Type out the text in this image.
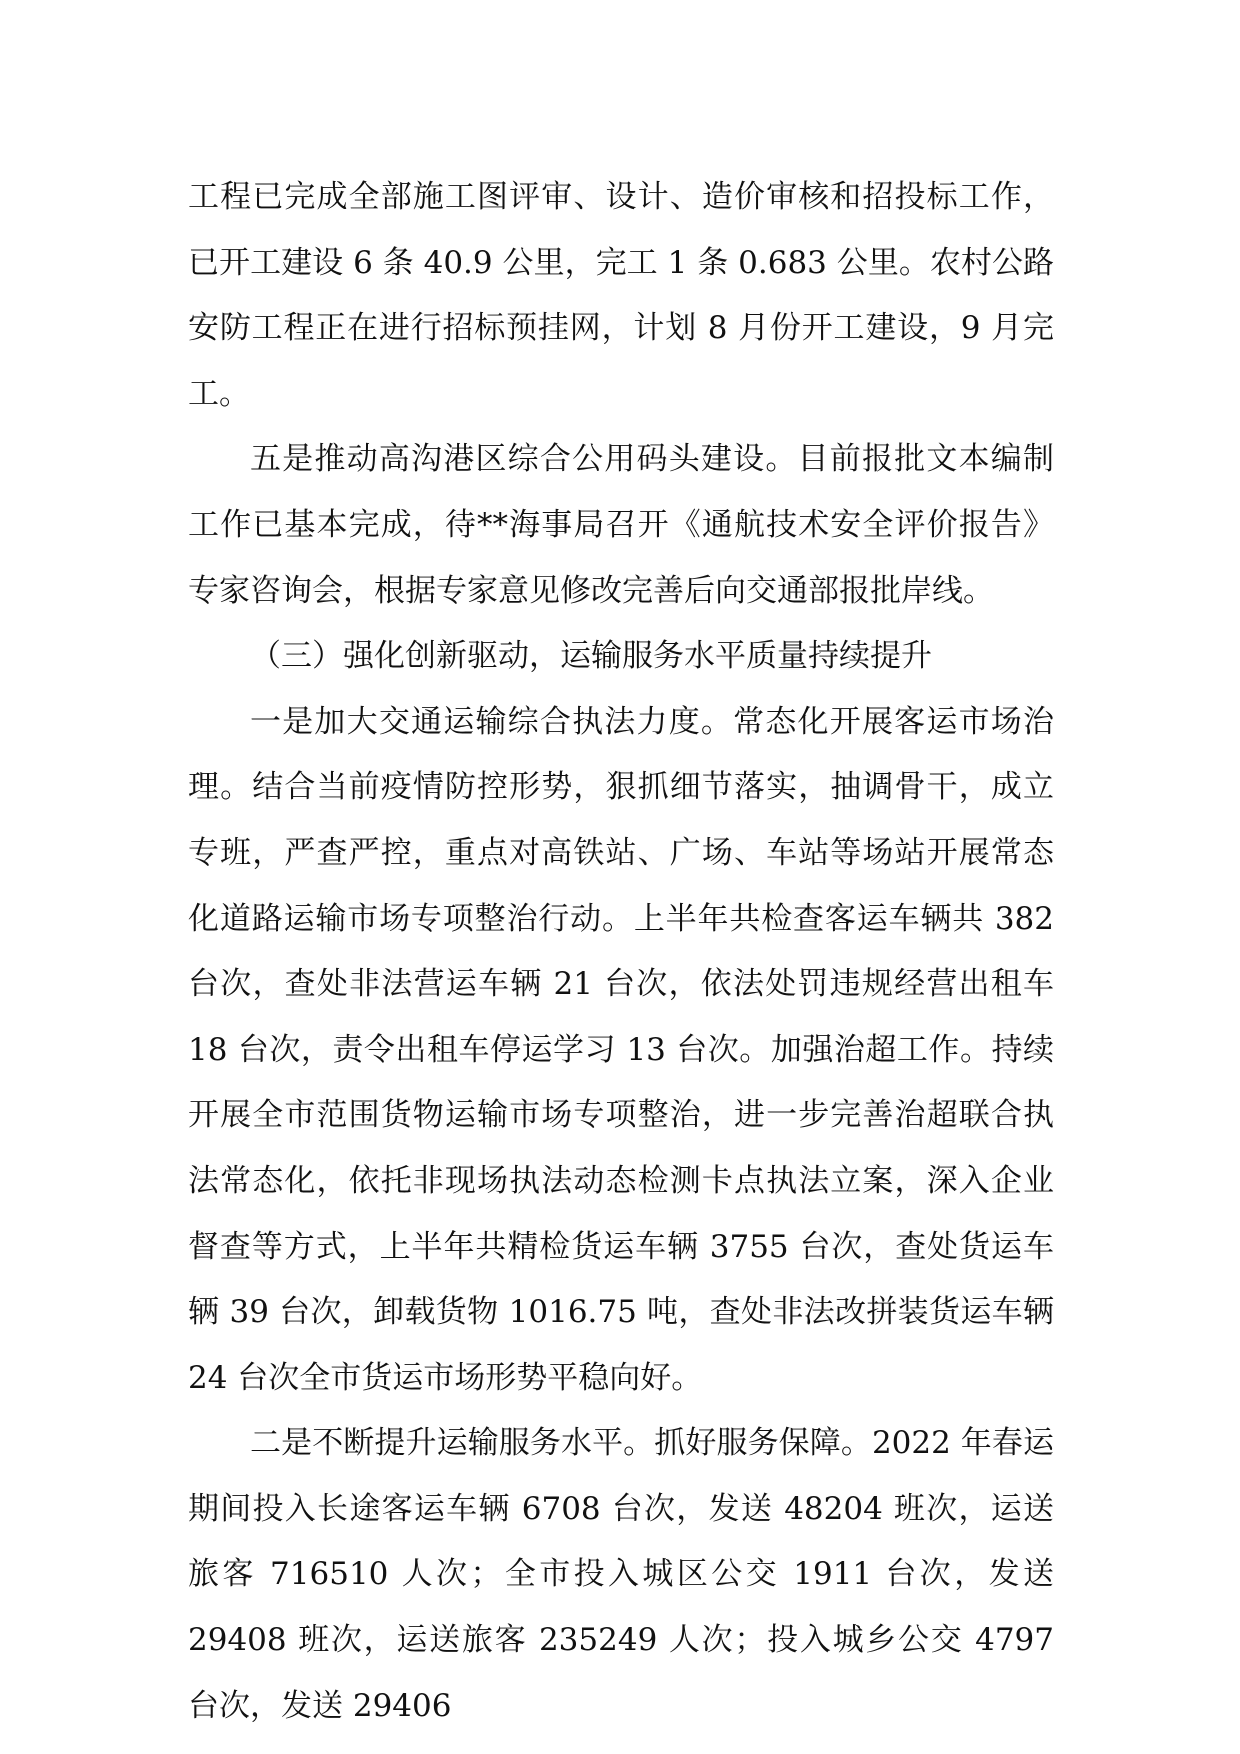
工程已完成全部施工图评审、设计、造价审核和招投标工作，已开工建设 6 条 40.9 公里，完工 1 条 0.683 公里。农村公路安防工程正在进行招标预挂网，计划 8 月份开工建设，9 月完工。

五是推动高沟港区综合公用码头建设。目前报批文本编制工作已基本完成，待**海事局召开《通航技术安全评价报告》专家咨询会，根据专家意见修改完善后向交通部报批岸线。

（三）强化创新驱动，运输服务水平质量持续提升

一是加大交通运输综合执法力度。常态化开展客运市场治理。结合当前疫情防控形势，狠抓细节落实，抽调骨干，成立专班，严查严控，重点对高铁站、广场、车站等场站开展常态化道路运输市场专项整治行动。上半年共检查客运车辆共 382 台次，查处非法营运车辆 21 台次，依法处罚违规经营出租车 18 台次，责令出租车停运学习 13 台次。加强治超工作。持续开展全市范围货物运输市场专项整治，进一步完善治超联合执法常态化，依托非现场执法动态检测卡点执法立案，深入企业督查等方式，上半年共精检货运车辆 3755 台次，查处货运车辆 39 台次，卸载货物 1016.75 吨，查处非法改拼装货运车辆 24 台次全市货运市场形势平稳向好。

二是不断提升运输服务水平。抓好服务保障。2022 年春运期间投入长途客运车辆 6708 台次，发送 48204 班次，运送旅客 716510 人次；全市投入城区公交 1911 台次，发送 29408 班次，运送旅客 235249 人次；投入城乡公交 4797 台次，发送 29406
